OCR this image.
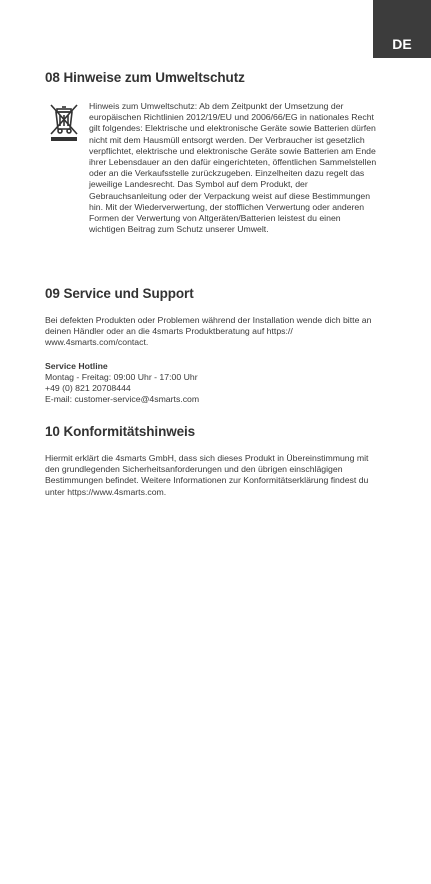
DE
08 Hinweise zum Umweltschutz

Hinweis zum Umweltschutz: Ab dem Zeitpunkt der Umsetzung der europäischen Richtlinien 2012/19/EU und 2006/66/EG in nationales Recht gilt folgendes: Elektrische und elektronische Geräte sowie Batterien dürfen nicht mit dem Hausmüll entsorgt werden. Der Verbraucher ist gesetzlich verpflichtet, elektrische und elektronische Geräte sowie Batterien am Ende ihrer Lebensdauer an den dafür eingerichteten, öffentlichen Sammelstellen oder an die Verkaufsstelle zurückzugeben. Einzelheiten dazu regelt das jeweilige Landesrecht. Das Symbol auf dem Produkt, der Gebrauchsanleitung oder der Verpackung weist auf diese Bestimmungen hin. Mit der Wiederverwertung, der stofflichen Verwertung oder anderen Formen der Verwertung von Altgeräten/Batterien leistest du einen wichtigen Beitrag zum Schutz unserer Umwelt.

09 Service und Support

Bei defekten Produkten oder Problemen während der Installation wende dich bitte an deinen Händler oder an die 4smarts Produktberatung auf https:// www.4smarts.com/contact.

Service Hotline

Montag - Freitag: 09:00 Uhr - 17:00 Uhr

+49 (0) 821 20708444

E-mail: customer-service@4smarts.com

10 Konformitätshinweis

Hiermit erklärt die 4smarts GmbH, dass sich dieses Produkt in Übereinstimmung mit den grundlegenden Sicherheitsanforderungen und den übrigen einschlägigen Bestimmungen befindet. Weitere Informationen zur Konformitätserklärung findest du unter https://www.4smarts.com.
